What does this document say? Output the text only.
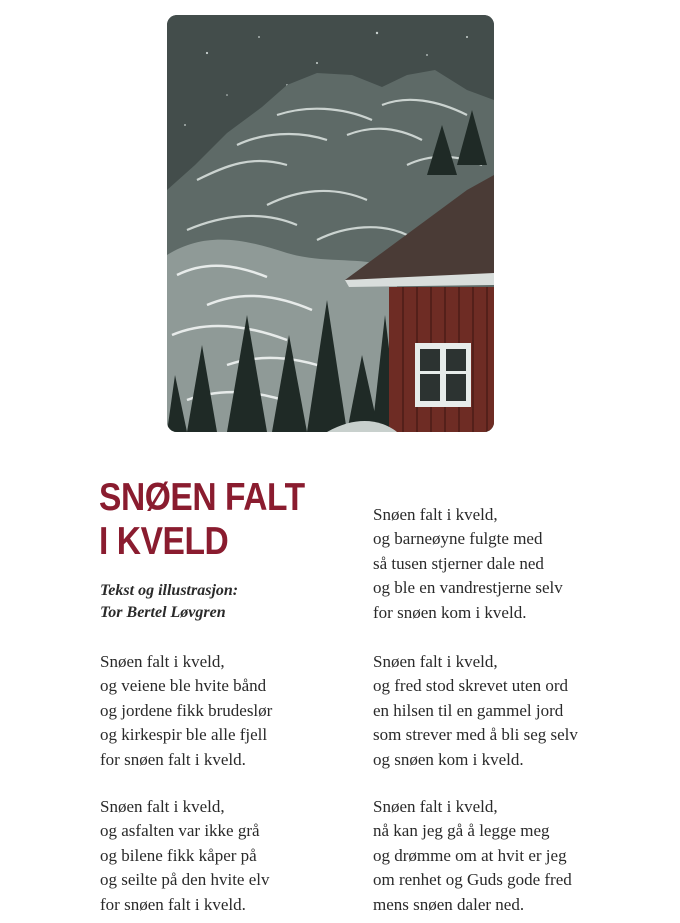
SNØEN FALT
I KVELD
Tekst og illustrasjon:
Tor Bertel Løvgren
Snøen falt i kveld,
og veiene ble hvite bånd
og jordene fikk brudeslør
og kirkespir ble alle fjell
for snøen falt i kveld.
Snøen falt i kveld,
og asfalten var ikke grå
og bilene fikk kåper på
og seilte på den hvite elv
for snøen falt i kveld.
Snøen falt i kveld,
og barneøyne fulgte med
så tusen stjerner dale ned
og ble en vandrestjerne selv
for snøen kom i kveld.
Snøen falt i kveld,
og fred stod skrevet uten ord
en hilsen til en gammel jord
som strever med å bli seg selv
og snøen kom i kveld.
Snøen falt i kveld,
nå kan jeg gå å legge meg
og drømme om at hvit er jeg
om renhet og Guds gode fred
mens snøen daler ned.
